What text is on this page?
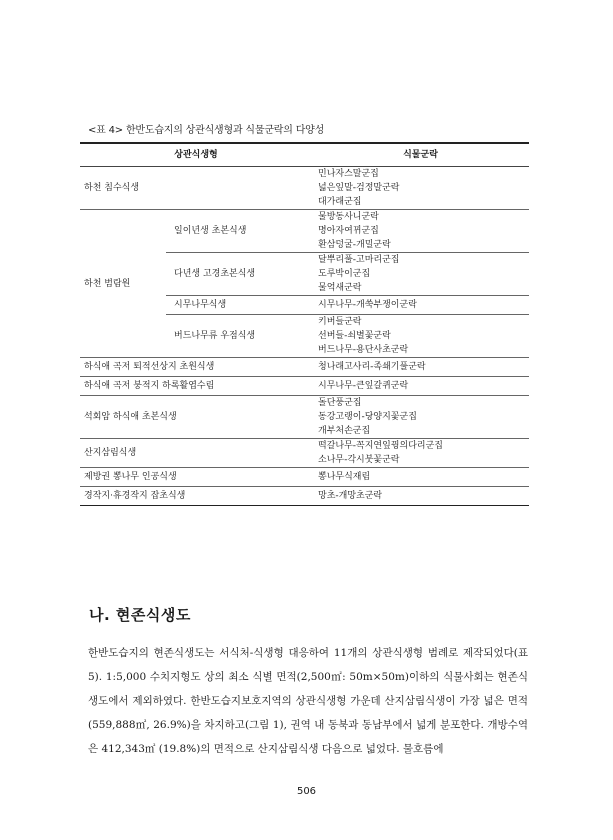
<표 4> 한반도습지의 상관식생형과 식물군락의 다양성
상관식생형		식물군락
하천 침수식생		민나자스말군집
넓은잎말-검정말군락
대가래군집

하천 범람원	일이년생 초본식생	물방동사니군락
명아자여뀌군집
환삼덩굴-개밀군락

	다년생 고경초본식생	달뿌리풀-고마리군집
도루박이군집
물억새군락

	시무나무식생	시무나무-개쑥부쟁이군락

	버드나무류 우점식생	키버들군락
선버들-쇠별꽃군락
버드나무-용단사초군락

하식애 곡저 퇴적선상지 초원식생		청나래고사리-족쇄기풀군락

하식애 곡저 붕적지 하록활엽수림		시무나무-큰잎갈퀴군락

석회암 하식애 초본식생		돌단풍군집
동강고랭이-당양지꽃군집
개부처손군집

산지삼림식생		떡갈나무-꼭지연잎꿩의다리군집
소나무-각시붓꽃군락

제방권 뽕나무 인공식생		뽕나무식재림

경작지·휴경작지 잡초식생		망초-개망초군락
나. 현존식생도

한반도습지의 현존식생도는 서식처-식생형 대응하여 11개의 상관식생형 범례로 제작되었다(표 5). 1:5,000 수치지형도 상의 최소 식별 면적(2,500㎡: 50m×50m)이하의 식물사회는 현존식생도에서 제외하였다. 한반도습지보호지역의 상관식생형 가운데 산지삼림식생이 가장 넓은 면적(559,888㎡, 26.9%)을 차지하고(그림 1), 권역 내 동북과 동남부에서 넓게 분포한다. 개방수역은 412,343㎡ (19.8%)의 면적으로 산지삼림식생 다음으로 넓었다. 물호름에

506
